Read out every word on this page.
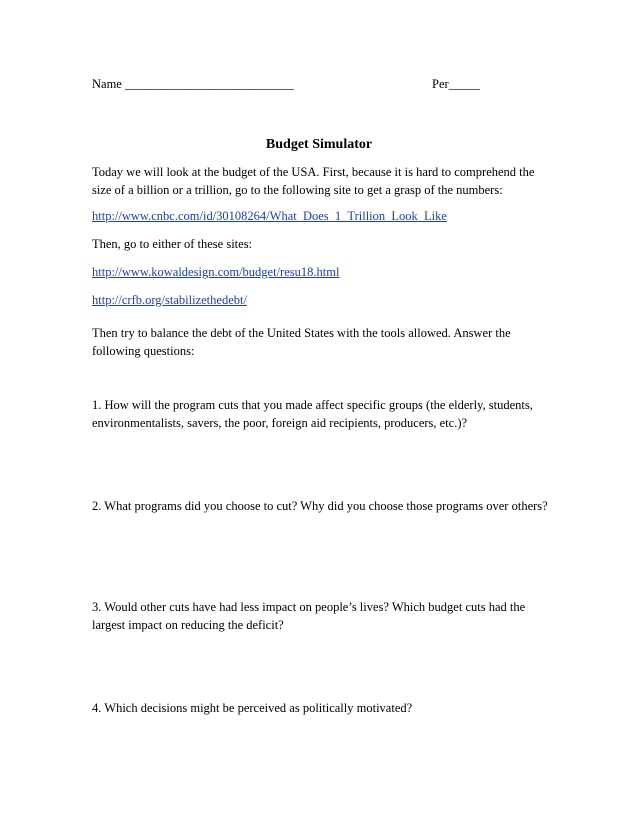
Name ___________________________	Per_____
Budget Simulator
Today we will look at the budget of the USA. First, because it is hard to comprehend the size of a billion or a trillion, go to the following site to get a grasp of the numbers:
http://www.cnbc.com/id/30108264/What_Does_1_Trillion_Look_Like
Then, go to either of these sites:
http://www.kowaldesign.com/budget/resu18.html
http://crfb.org/stabilizethedebt/
Then try to balance the debt of the United States with the tools allowed. Answer the following questions:
1. How will the program cuts that you made affect specific groups (the elderly, students, environmentalists, savers, the poor, foreign aid recipients, producers, etc.)?
2. What programs did you choose to cut? Why did you choose those programs over others?
3. Would other cuts have had less impact on people’s lives? Which budget cuts had the largest impact on reducing the deficit?
4. Which decisions might be perceived as politically motivated?
